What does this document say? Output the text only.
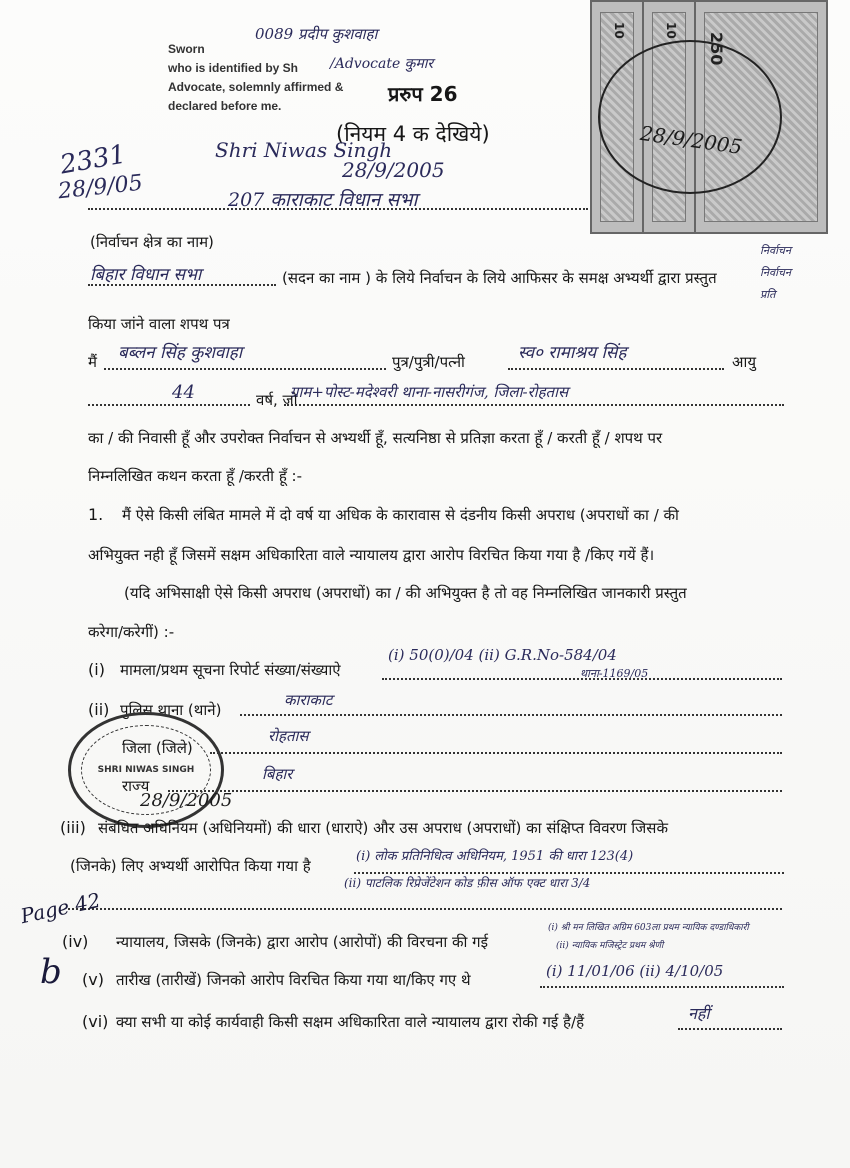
10	10
250
28/9/2005
Sworn
who is identified by Sh
Advocate, solemnly affirmed &
declared before me.
0089 प्रदीप कुशवाहा
/Advocate कुमार
प्ररुप 26
(नियम 4 क देखिये)
2331
28/9/05
Shri Niwas Singh
28/9/2005
207 काराकाट विधान सभा
(निर्वाचन क्षेत्र का नाम)	निर्वाचन
निर्वाचन
प्रति
बिहार विधान सभा	(सदन का नाम ) के लिये निर्वाचन के लिये आफिसर के समक्ष अभ्यर्थी द्वारा प्रस्तुत
किया जांने वाला शपथ पत्र
मैं बब्लन सिंह कुशवाहा	पुत्र/पुत्री/पत्नी	स्व० रामाश्रय सिंह	आयु
44	वर्ष, जो
ग्राम+पोस्ट-मदेश्वरी थाना-नासरीगंज, जिला-रोहतास
का / की निवासी हूँ और उपरोक्त निर्वाचन से अभ्यर्थी हूँ, सत्यनिष्ठा से प्रतिज्ञा करता हूँ / करती हूँ / शपथ पर
निम्नलिखित कथन करता हूँ /करती हूँ :-
1. मैं ऐसे किसी लंबित मामले में दो वर्ष या अधिक के कारावास से दंडनीय किसी अपराध (अपराधों का / की
अभियुक्त नही हूँ जिसमें सक्षम अधिकारिता वाले न्यायालय द्वारा आरोप विरचित किया गया है /किए गयें हैं।
(यदि अभिसाक्षी ऐसे किसी अपराध (अपराधों) का / की अभियुक्त है तो वह निम्नलिखित जानकारी प्रस्तुत
करेगा/करेगीं) :-
(i) मामला/प्रथम सूचना रिपोर्ट संख्या/संख्याऐ
(i) 50(0)/04 (ii) G.R.No-584/04
थाना-1169/05
(ii) पुलिस थाना (थाने)
काराकाट
जिला (जिले)
रोहतास
राज्य
बिहार
SHRI NIWAS SINGH
28/9/2005
(iii) संबंधित अधिनियम (अधिनियमों) की धारा (धाराऐ) और उस अपराध (अपराधों) का संक्षिप्त विवरण जिसके
(जिनके) लिए अभ्यर्थी आरोपित किया गया है
(i) लोक प्रतिनिधित्व अधिनियम, 1951 की धारा 123(4)
(ii) पाटलिक रिप्रेजेंटेशन कोड फ़ीस ऑफ एक्ट धारा 3/4
Page 42
b
(iv) न्यायालय, जिसके (जिनके) द्वारा आरोप (आरोपों) की विरचना की गई
(i) श्री मन लिखित अग्रिम 603ला प्रथम न्यायिक दण्डाधिकारी
(ii) न्यायिक मजिस्ट्रेट प्रथम श्रेणी
(v) तारीख (तारीखें) जिनको आरोप विरचित किया गया था/किए गए थे	(i) 11/01/06 (ii) 4/10/05
(vi) क्या सभी या कोई कार्यवाही किसी सक्षम अधिकारिता वाले न्यायालय द्वारा रोकी गई है/हैं	नहीं
